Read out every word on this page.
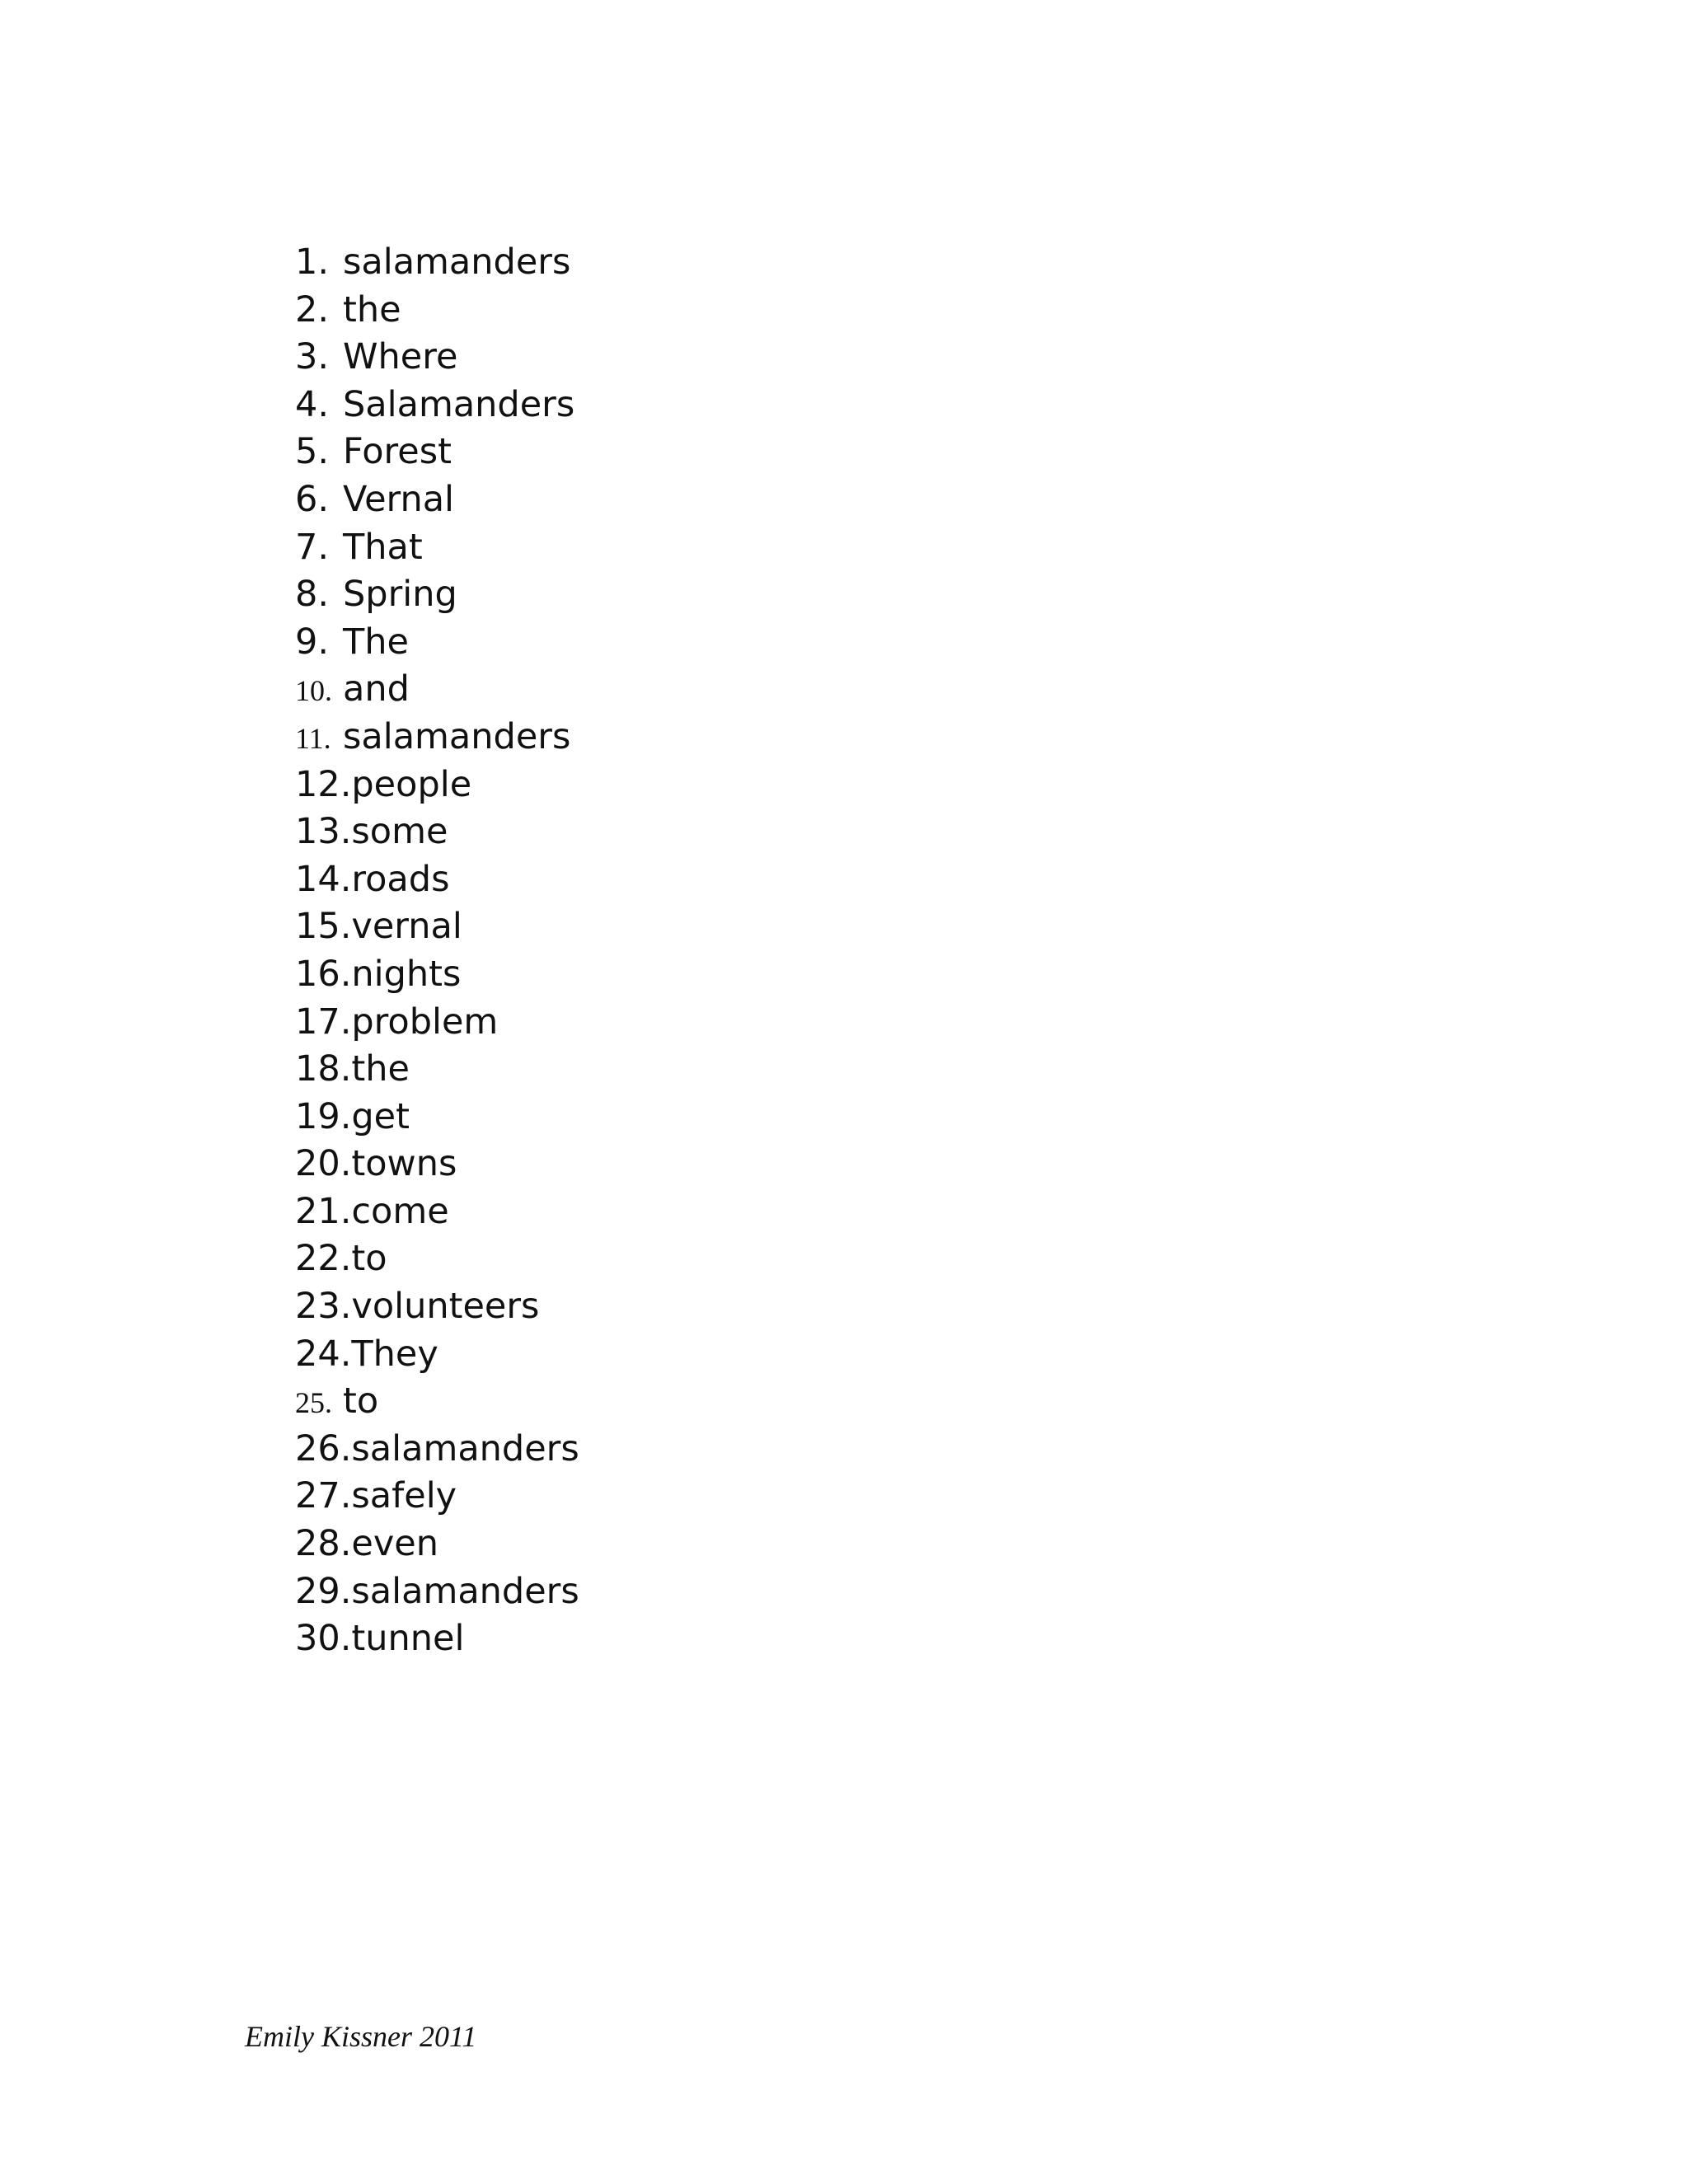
1. salamanders
2. the
3. Where
4. Salamanders
5. Forest
6. Vernal
7. That
8. Spring
9. The
10. and
11. salamanders
12.people
13.some
14.roads
15.vernal
16.nights
17.problem
18.the
19.get
20.towns
21.come
22.to
23.volunteers
24.They
25. to
26.salamanders
27.safely
28.even
29.salamanders
30.tunnel
Emily Kissner 2011
